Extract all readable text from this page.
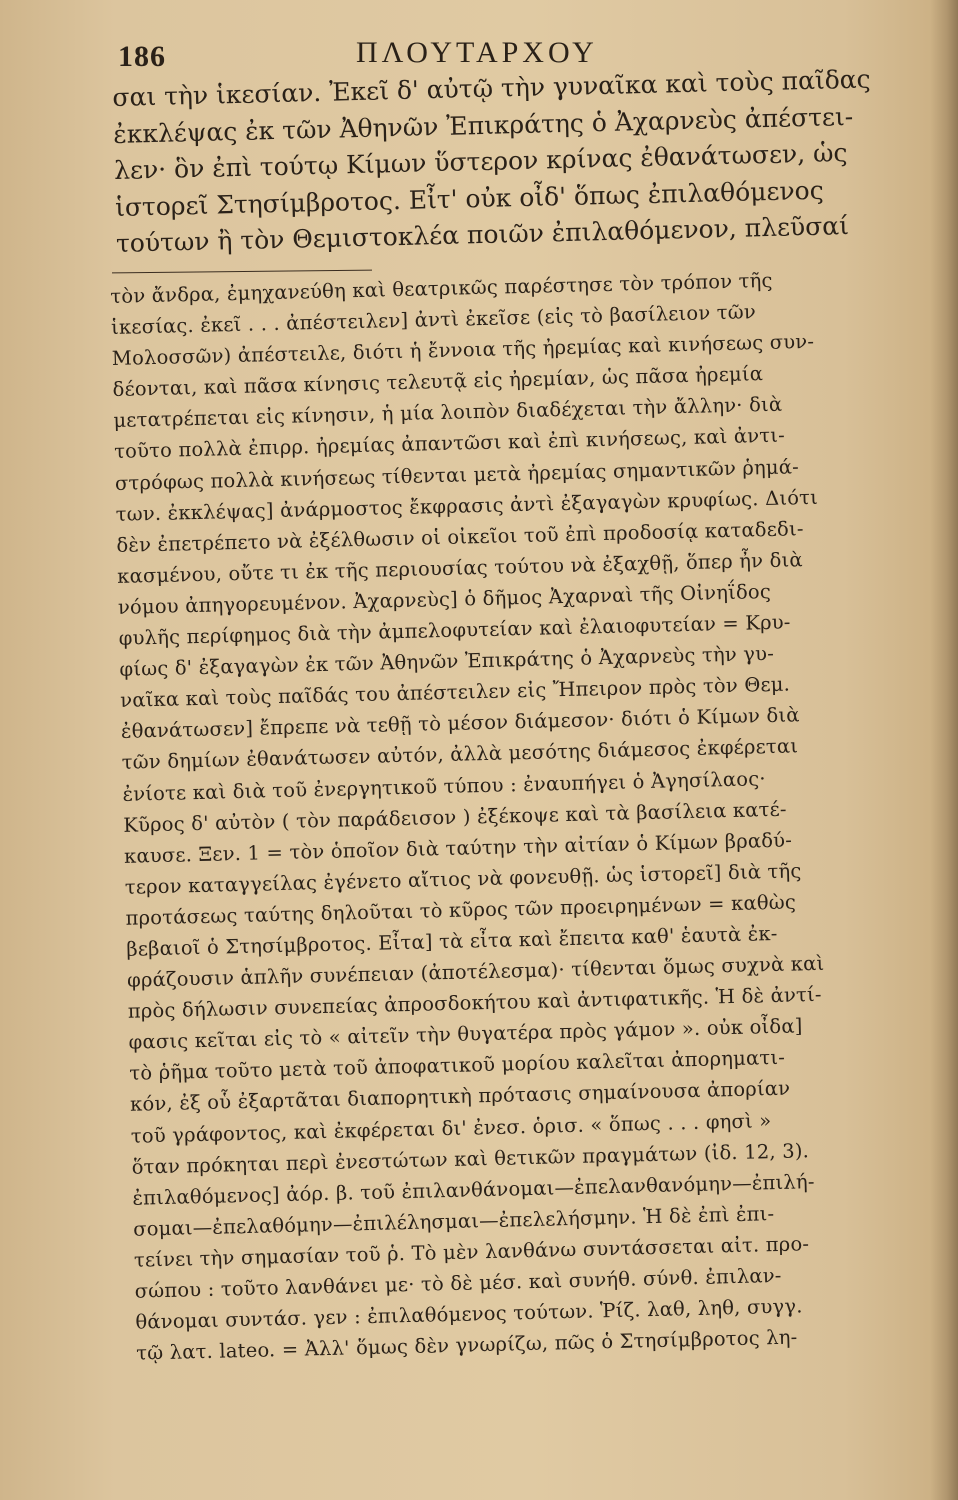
186	ΠΛΟΥΤΑΡΧΟΥ
σαι τὴν ἱκεσίαν. Ἐκεῖ δ' αὐτῷ τὴν γυναῖκα καὶ τοὺς παῖδας
ἐκκλέψας ἐκ τῶν Ἀθηνῶν Ἐπικράτης ὁ Ἀχαρνεὺς ἀπέστει-
λεν· ὃν ἐπὶ τούτῳ Κίμων ὕστερον κρίνας ἐθανάτωσεν, ὡς
ἱστορεῖ Στησίμβροτος. Εἶτ' οὐκ οἶδ' ὅπως ἐπιλαθόμενος
τούτων ἢ τὸν Θεμιστοκλέα ποιῶν ἐπιλαθόμενον, πλεῦσαί
τὸν ἄνδρα, ἐμηχανεύθη καὶ θεατρικῶς παρέστησε τὸν τρόπον τῆς
ἱκεσίας. ἐκεῖ . . . ἀπέστειλεν] ἀντὶ ἐκεῖσε (εἰς τὸ βασίλειον τῶν
Μολοσσῶν) ἀπέστειλε, διότι ἡ ἔννοια τῆς ἠρεμίας καὶ κινήσεως συν-
δέονται, καὶ πᾶσα κίνησις τελευτᾷ εἰς ἠρεμίαν, ὡς πᾶσα ἠρεμία
μετατρέπεται εἰς κίνησιν, ἡ μία λοιπὸν διαδέχεται τὴν ἄλλην· διὰ
τοῦτο πολλὰ ἐπιρρ. ἠρεμίας ἀπαντῶσι καὶ ἐπὶ κινήσεως, καὶ ἀντι-
στρόφως πολλὰ κινήσεως τίθενται μετὰ ἠρεμίας σημαντικῶν ῥημά-
των. ἐκκλέψας] ἀνάρμοστος ἔκφρασις ἀντὶ ἐξαγαγὼν κρυφίως. Διότι
δὲν ἐπετρέπετο νὰ ἐξέλθωσιν οἱ οἰκεῖοι τοῦ ἐπὶ προδοσίᾳ καταδεδι-
κασμένου, οὔτε τι ἐκ τῆς περιουσίας τούτου νὰ ἐξαχθῇ, ὅπερ ἦν διὰ
νόμου ἀπηγορευμένον. Ἀχαρνεὺς] ὁ δῆμος Ἀχαρναὶ τῆς Οἰνηΐδος
φυλῆς περίφημος διὰ τὴν ἀμπελοφυτείαν καὶ ἐλαιοφυτείαν = Κρυ-
φίως δ' ἐξαγαγὼν ἐκ τῶν Ἀθηνῶν Ἐπικράτης ὁ Ἀχαρνεὺς τὴν γυ-
ναῖκα καὶ τοὺς παῖδάς του ἀπέστειλεν εἰς Ἤπειρον πρὸς τὸν Θεμ.
ἐθανάτωσεν] ἔπρεπε νὰ τεθῇ τὸ μέσον διάμεσον· διότι ὁ Κίμων διὰ
τῶν δημίων ἐθανάτωσεν αὐτόν, ἀλλὰ μεσότης διάμεσος ἐκφέρεται
ἐνίοτε καὶ διὰ τοῦ ἐνεργητικοῦ τύπου : ἐναυπήγει ὁ Ἀγησίλαος·
Κῦρος δ' αὐτὸν ( τὸν παράδεισον ) ἐξέκοψε καὶ τὰ βασίλεια κατέ-
καυσε. Ξεν. 1 = τὸν ὁποῖον διὰ ταύτην τὴν αἰτίαν ὁ Κίμων βραδύ-
τερον καταγγείλας ἐγένετο αἴτιος νὰ φονευθῇ. ὡς ἱστορεῖ] διὰ τῆς
προτάσεως ταύτης δηλοῦται τὸ κῦρος τῶν προειρημένων = καθὼς
βεβαιοῖ ὁ Στησίμβροτος. Εἶτα] τὰ εἶτα καὶ ἔπειτα καθ' ἑαυτὰ ἐκ-
φράζουσιν ἁπλῆν συνέπειαν (ἀποτέλεσμα)· τίθενται ὅμως συχνὰ καὶ
πρὸς δήλωσιν συνεπείας ἀπροσδοκήτου καὶ ἀντιφατικῆς. Ἡ δὲ ἀντί-
φασις κεῖται εἰς τὸ « αἰτεῖν τὴν θυγατέρα πρὸς γάμον ». οὐκ οἶδα]
τὸ ῥῆμα τοῦτο μετὰ τοῦ ἀποφατικοῦ μορίου καλεῖται ἀπορηματι-
κόν, ἐξ οὗ ἐξαρτᾶται διαπορητικὴ πρότασις σημαίνουσα ἀπορίαν
τοῦ γράφοντος, καὶ ἐκφέρεται δι' ἐνεσ. ὁρισ. « ὅπως . . . φησὶ »
ὅταν πρόκηται περὶ ἐνεστώτων καὶ θετικῶν πραγμάτων (ἰδ. 12, 3).
ἐπιλαθόμενος] ἀόρ. β. τοῦ ἐπιλανθάνομαι—ἐπελανθανόμην—ἐπιλή-
σομαι—ἐπελαθόμην—ἐπιλέλησμαι—ἐπελελήσμην. Ἡ δὲ ἐπὶ ἐπι-
τείνει τὴν σημασίαν τοῦ ῥ. Τὸ μὲν λανθάνω συντάσσεται αἰτ. προ-
σώπου : τοῦτο λανθάνει με· τὸ δὲ μέσ. καὶ συνήθ. σύνθ. ἐπιλαν-
θάνομαι συντάσ. γεν : ἐπιλαθόμενος τούτων. Ῥίζ. λαθ, ληθ, συγγ.
τῷ λατ. lateo. = Ἀλλ' ὅμως δὲν γνωρίζω, πῶς ὁ Στησίμβροτος λη-
